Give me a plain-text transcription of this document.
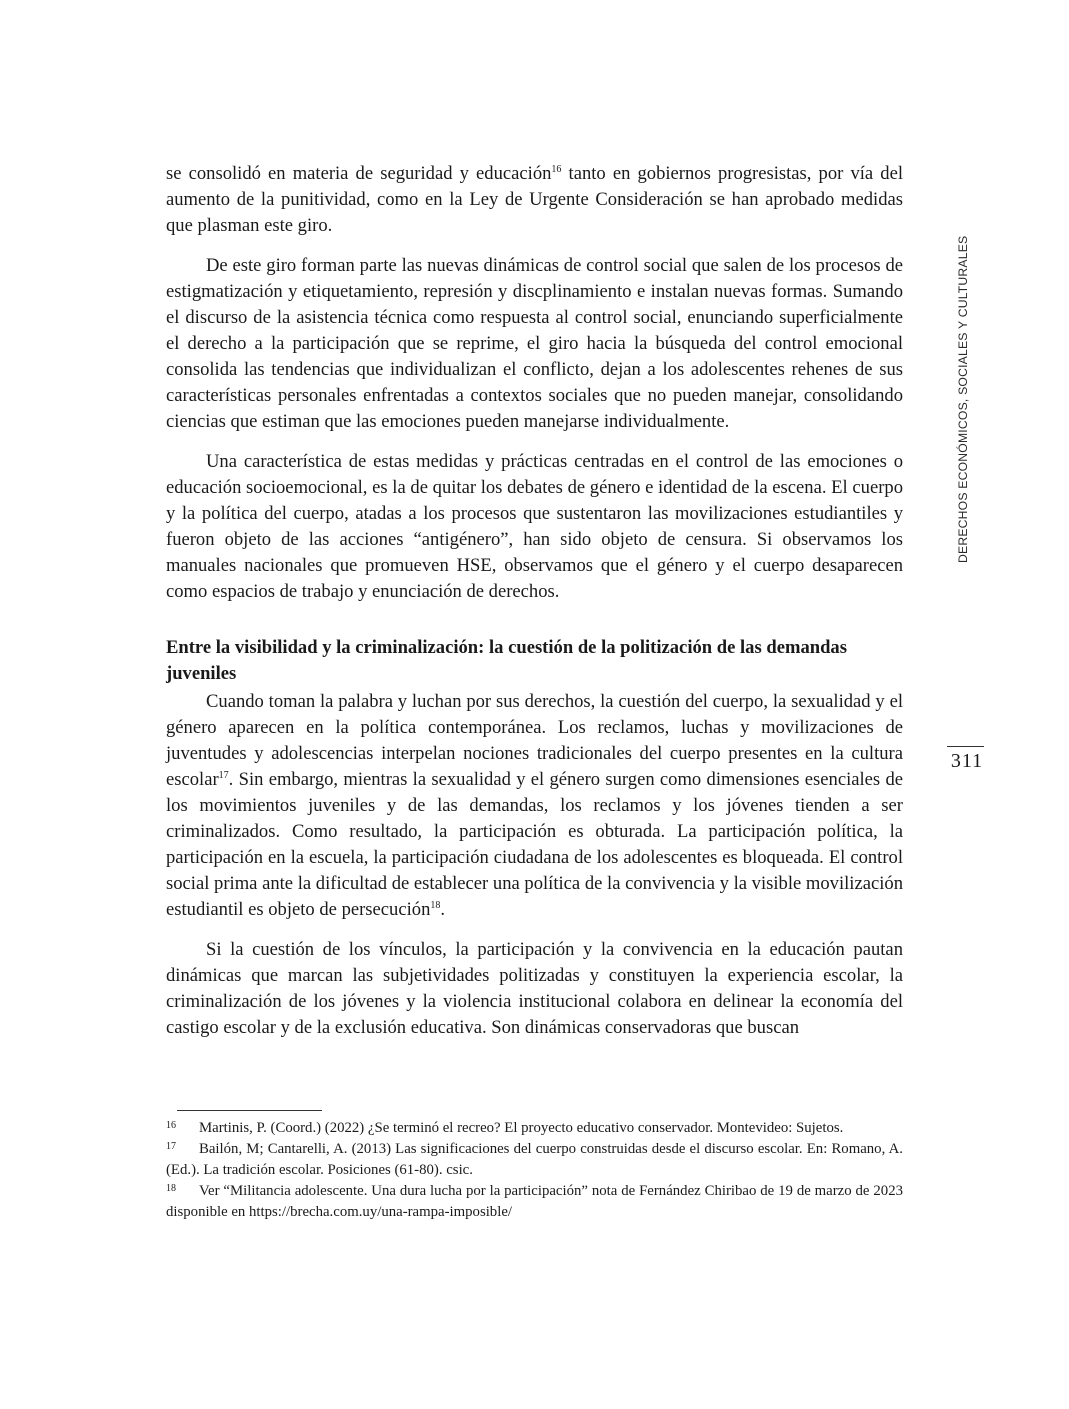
se consolidó en materia de seguridad y educación$^{16}$ tanto en gobiernos progresistas, por vía del aumento de la punitividad, como en la Ley de Urgente Consideración se han aprobado medidas que plasman este giro.

De este giro forman parte las nuevas dinámicas de control social que salen de los procesos de estigmatización y etiquetamiento, represión y discplinamiento e instalan nuevas formas. Sumando el discurso de la asistencia técnica como respuesta al control social, enunciando superficialmente el derecho a la participación que se reprime, el giro hacia la búsqueda del control emocional consolida las tendencias que individualizan el conflicto, dejan a los adolescentes rehenes de sus características personales enfrentadas a contextos sociales que no pueden manejar, consolidando ciencias que estiman que las emociones pueden manejarse individualmente.

Una característica de estas medidas y prácticas centradas en el control de las emociones o educación socioemocional, es la de quitar los debates de género e identidad de la escena. El cuerpo y la política del cuerpo, atadas a los procesos que sustentaron las movilizaciones estudiantiles y fueron objeto de las acciones “antigénero”, han sido objeto de censura. Si observamos los manuales nacionales que promueven HSE, observamos que el género y el cuerpo desaparecen como espacios de trabajo y enunciación de derechos.

Entre la visibilidad y la criminalización: la cuestión de la politización de las demandas juveniles

Cuando toman la palabra y luchan por sus derechos, la cuestión del cuerpo, la sexualidad y el género aparecen en la política contemporánea. Los reclamos, luchas y movilizaciones de juventudes y adolescencias interpelan nociones tradicionales del cuerpo presentes en la cultura escolar$^{17}$. Sin embargo, mientras la sexualidad y el género surgen como dimensiones esenciales de los movimientos juveniles y de las demandas, los reclamos y los jóvenes tienden a ser criminalizados. Como resultado, la participación es obturada. La participación política, la participación en la escuela, la participación ciudadana de los adolescentes es bloqueada. El control social prima ante la dificultad de establecer una política de la convivencia y la visible movilización estudiantil es objeto de persecución$^{18}$.

Si la cuestión de los vínculos, la participación y la convivencia en la educación pautan dinámicas que marcan las subjetividades politizadas y constituyen la experiencia escolar, la criminalización de los jóvenes y la violencia institucional colabora en delinear la economía del castigo escolar y de la exclusión educativa. Son dinámicas conservadoras que buscan

DERECHOS ECONÓMICOS, SOCIALES Y CULTURALES
311

16 Martinis, P. (Coord.) (2022) ¿Se terminó el recreo? El proyecto educativo conservador. Montevideo: Sujetos.

17 Bailón, M; Cantarelli, A. (2013) Las significaciones del cuerpo construidas desde el discurso escolar. En: Romano, A. (Ed.). La tradición escolar. Posiciones (61-80). csic.

18 Ver “Militancia adolescente. Una dura lucha por la participación” nota de Fernández Chiribao de 19 de marzo de 2023 disponible en https://brecha.com.uy/una-rampa-imposible/
